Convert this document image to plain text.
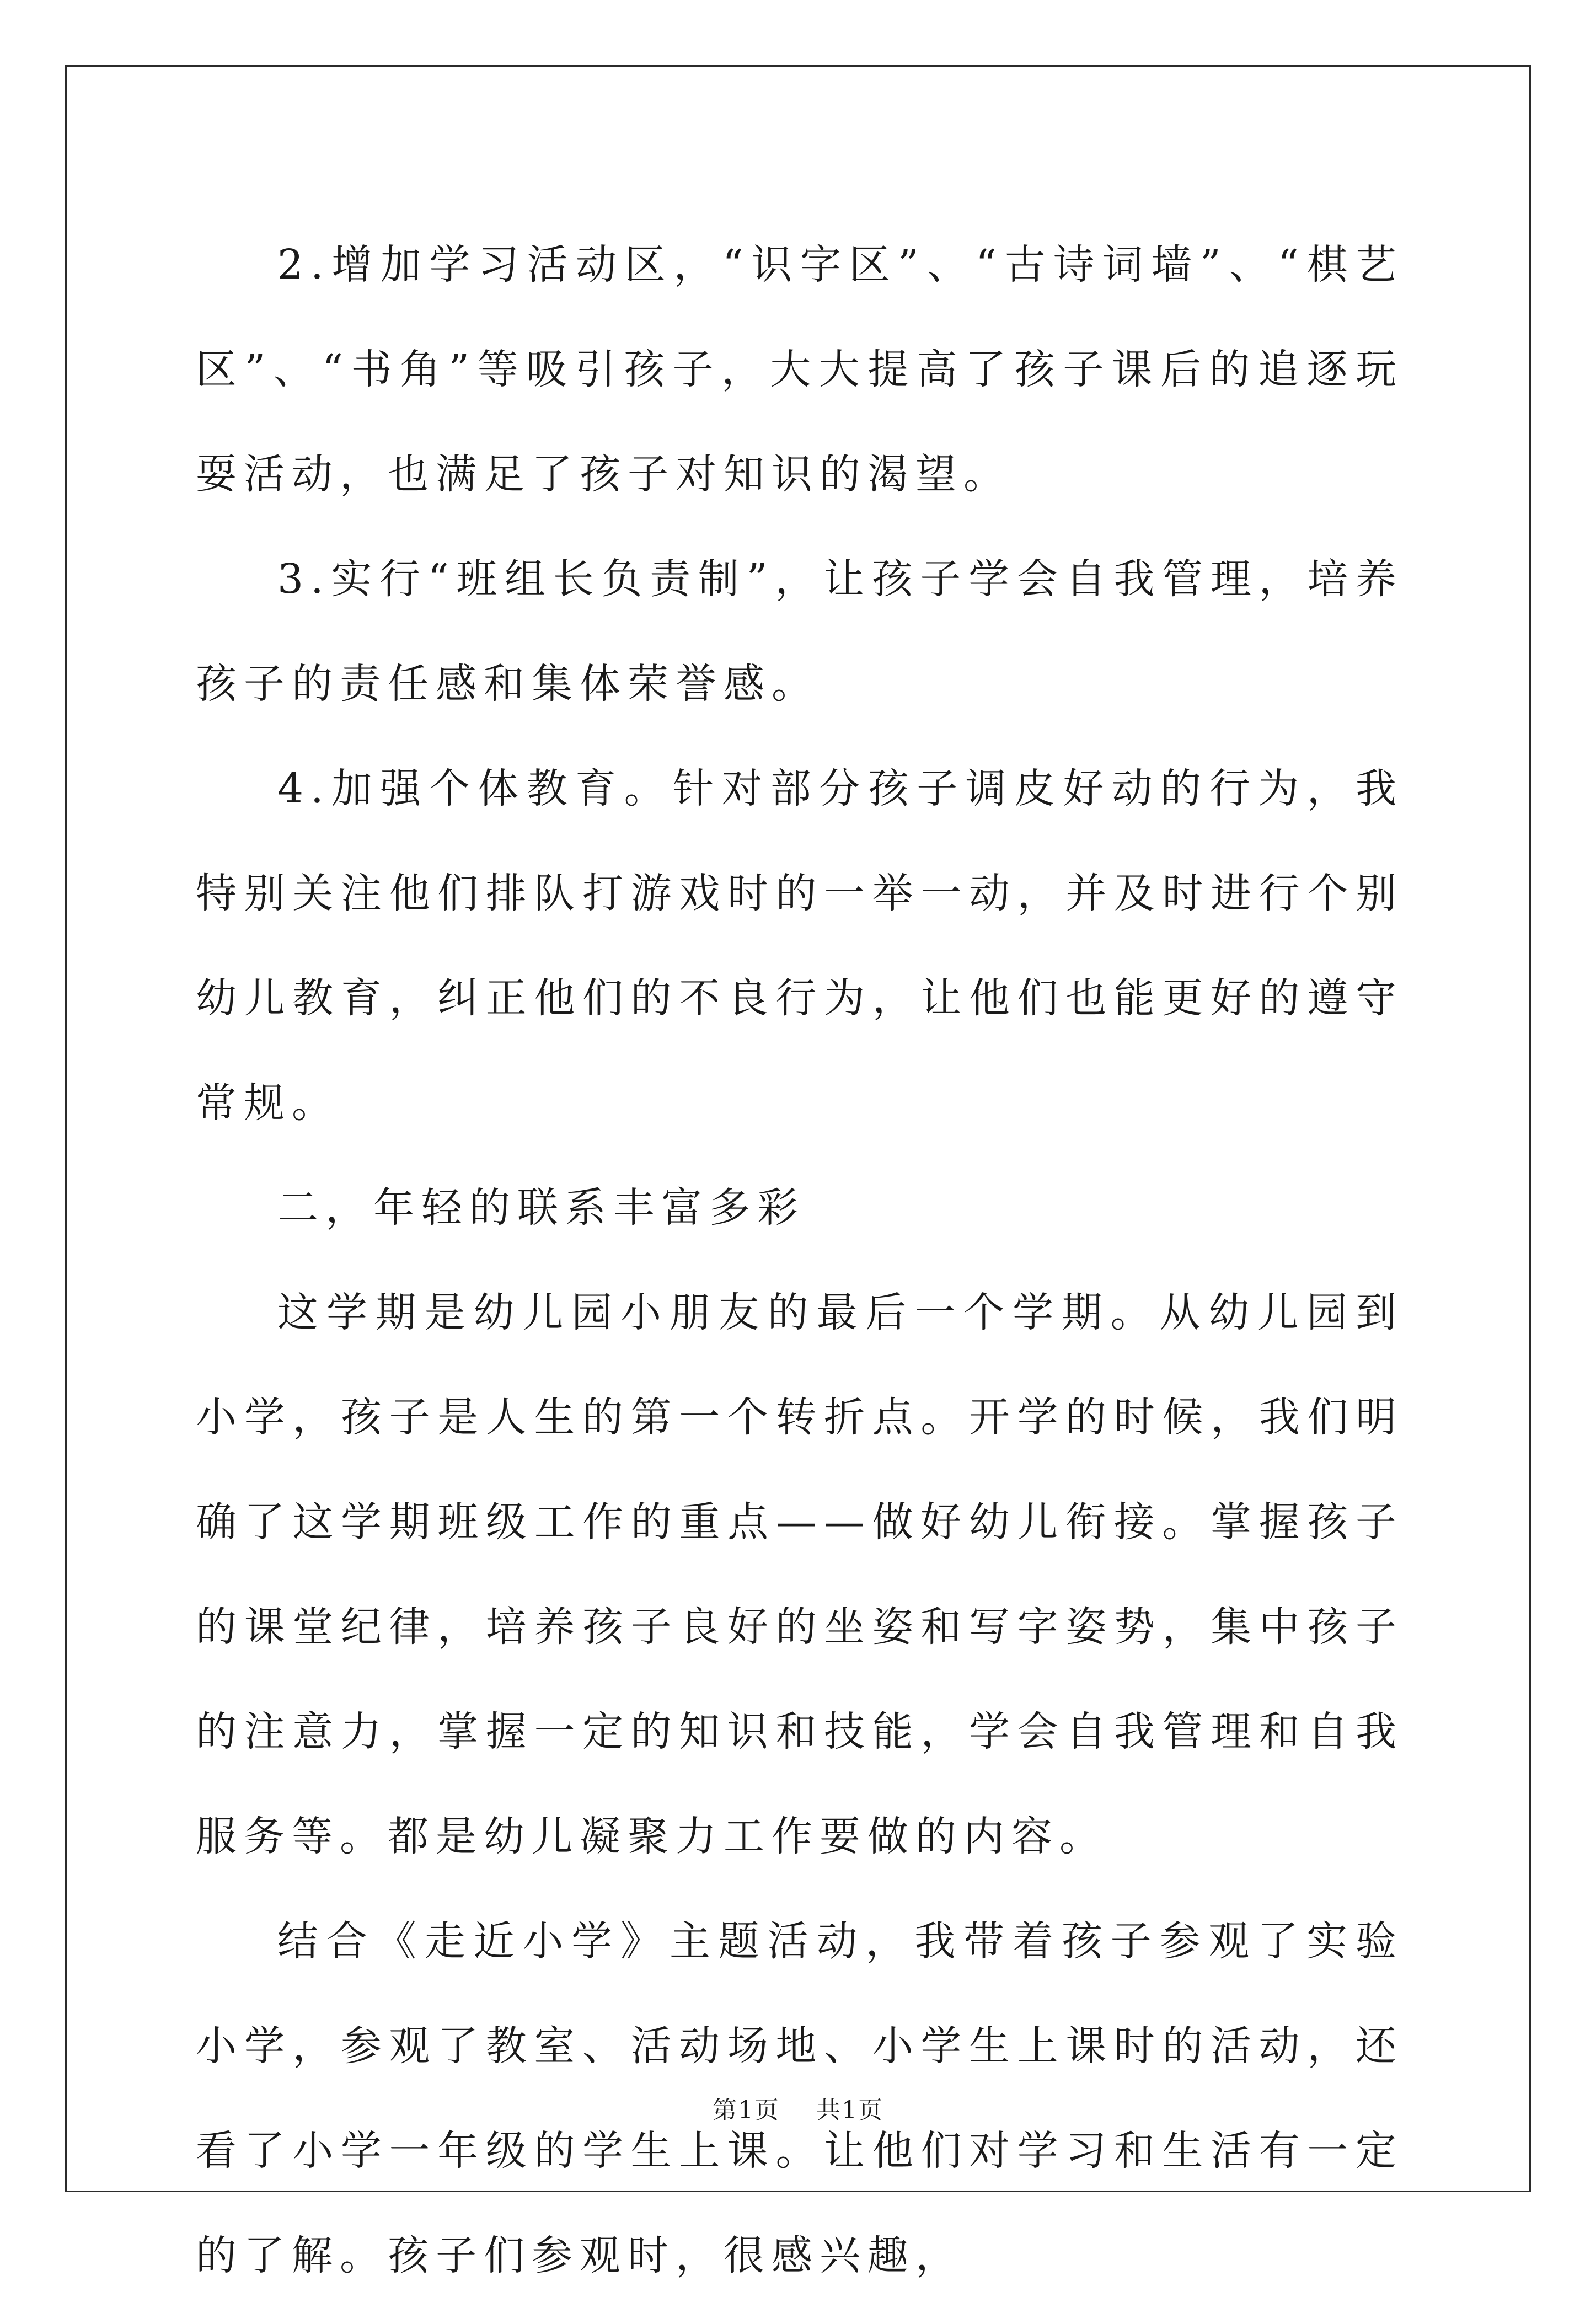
2.增加学习活动区，“识字区”、“古诗词墙”、“棋艺区”、“书角”等吸引孩子，大大提高了孩子课后的追逐玩耍活动，也满足了孩子对知识的渴望。

3.实行“班组长负责制”，让孩子学会自我管理，培养孩子的责任感和集体荣誉感。

4.加强个体教育。针对部分孩子调皮好动的行为，我特别关注他们排队打游戏时的一举一动，并及时进行个别幼儿教育，纠正他们的不良行为，让他们也能更好的遵守常规。

二，年轻的联系丰富多彩

这学期是幼儿园小朋友的最后一个学期。从幼儿园到小学，孩子是人生的第一个转折点。开学的时候，我们明确了这学期班级工作的重点——做好幼儿衔接。掌握孩子的课堂纪律，培养孩子良好的坐姿和写字姿势，集中孩子的注意力，掌握一定的知识和技能，学会自我管理和自我服务等。都是幼儿凝聚力工作要做的内容。

结合《走近小学》主题活动，我带着孩子参观了实验小学，参观了教室、活动场地、小学生上课时的活动，还看了小学一年级的学生上课。让他们对学习和生活有一定的了解。孩子们参观时，很感兴趣，

第1页 共1页
